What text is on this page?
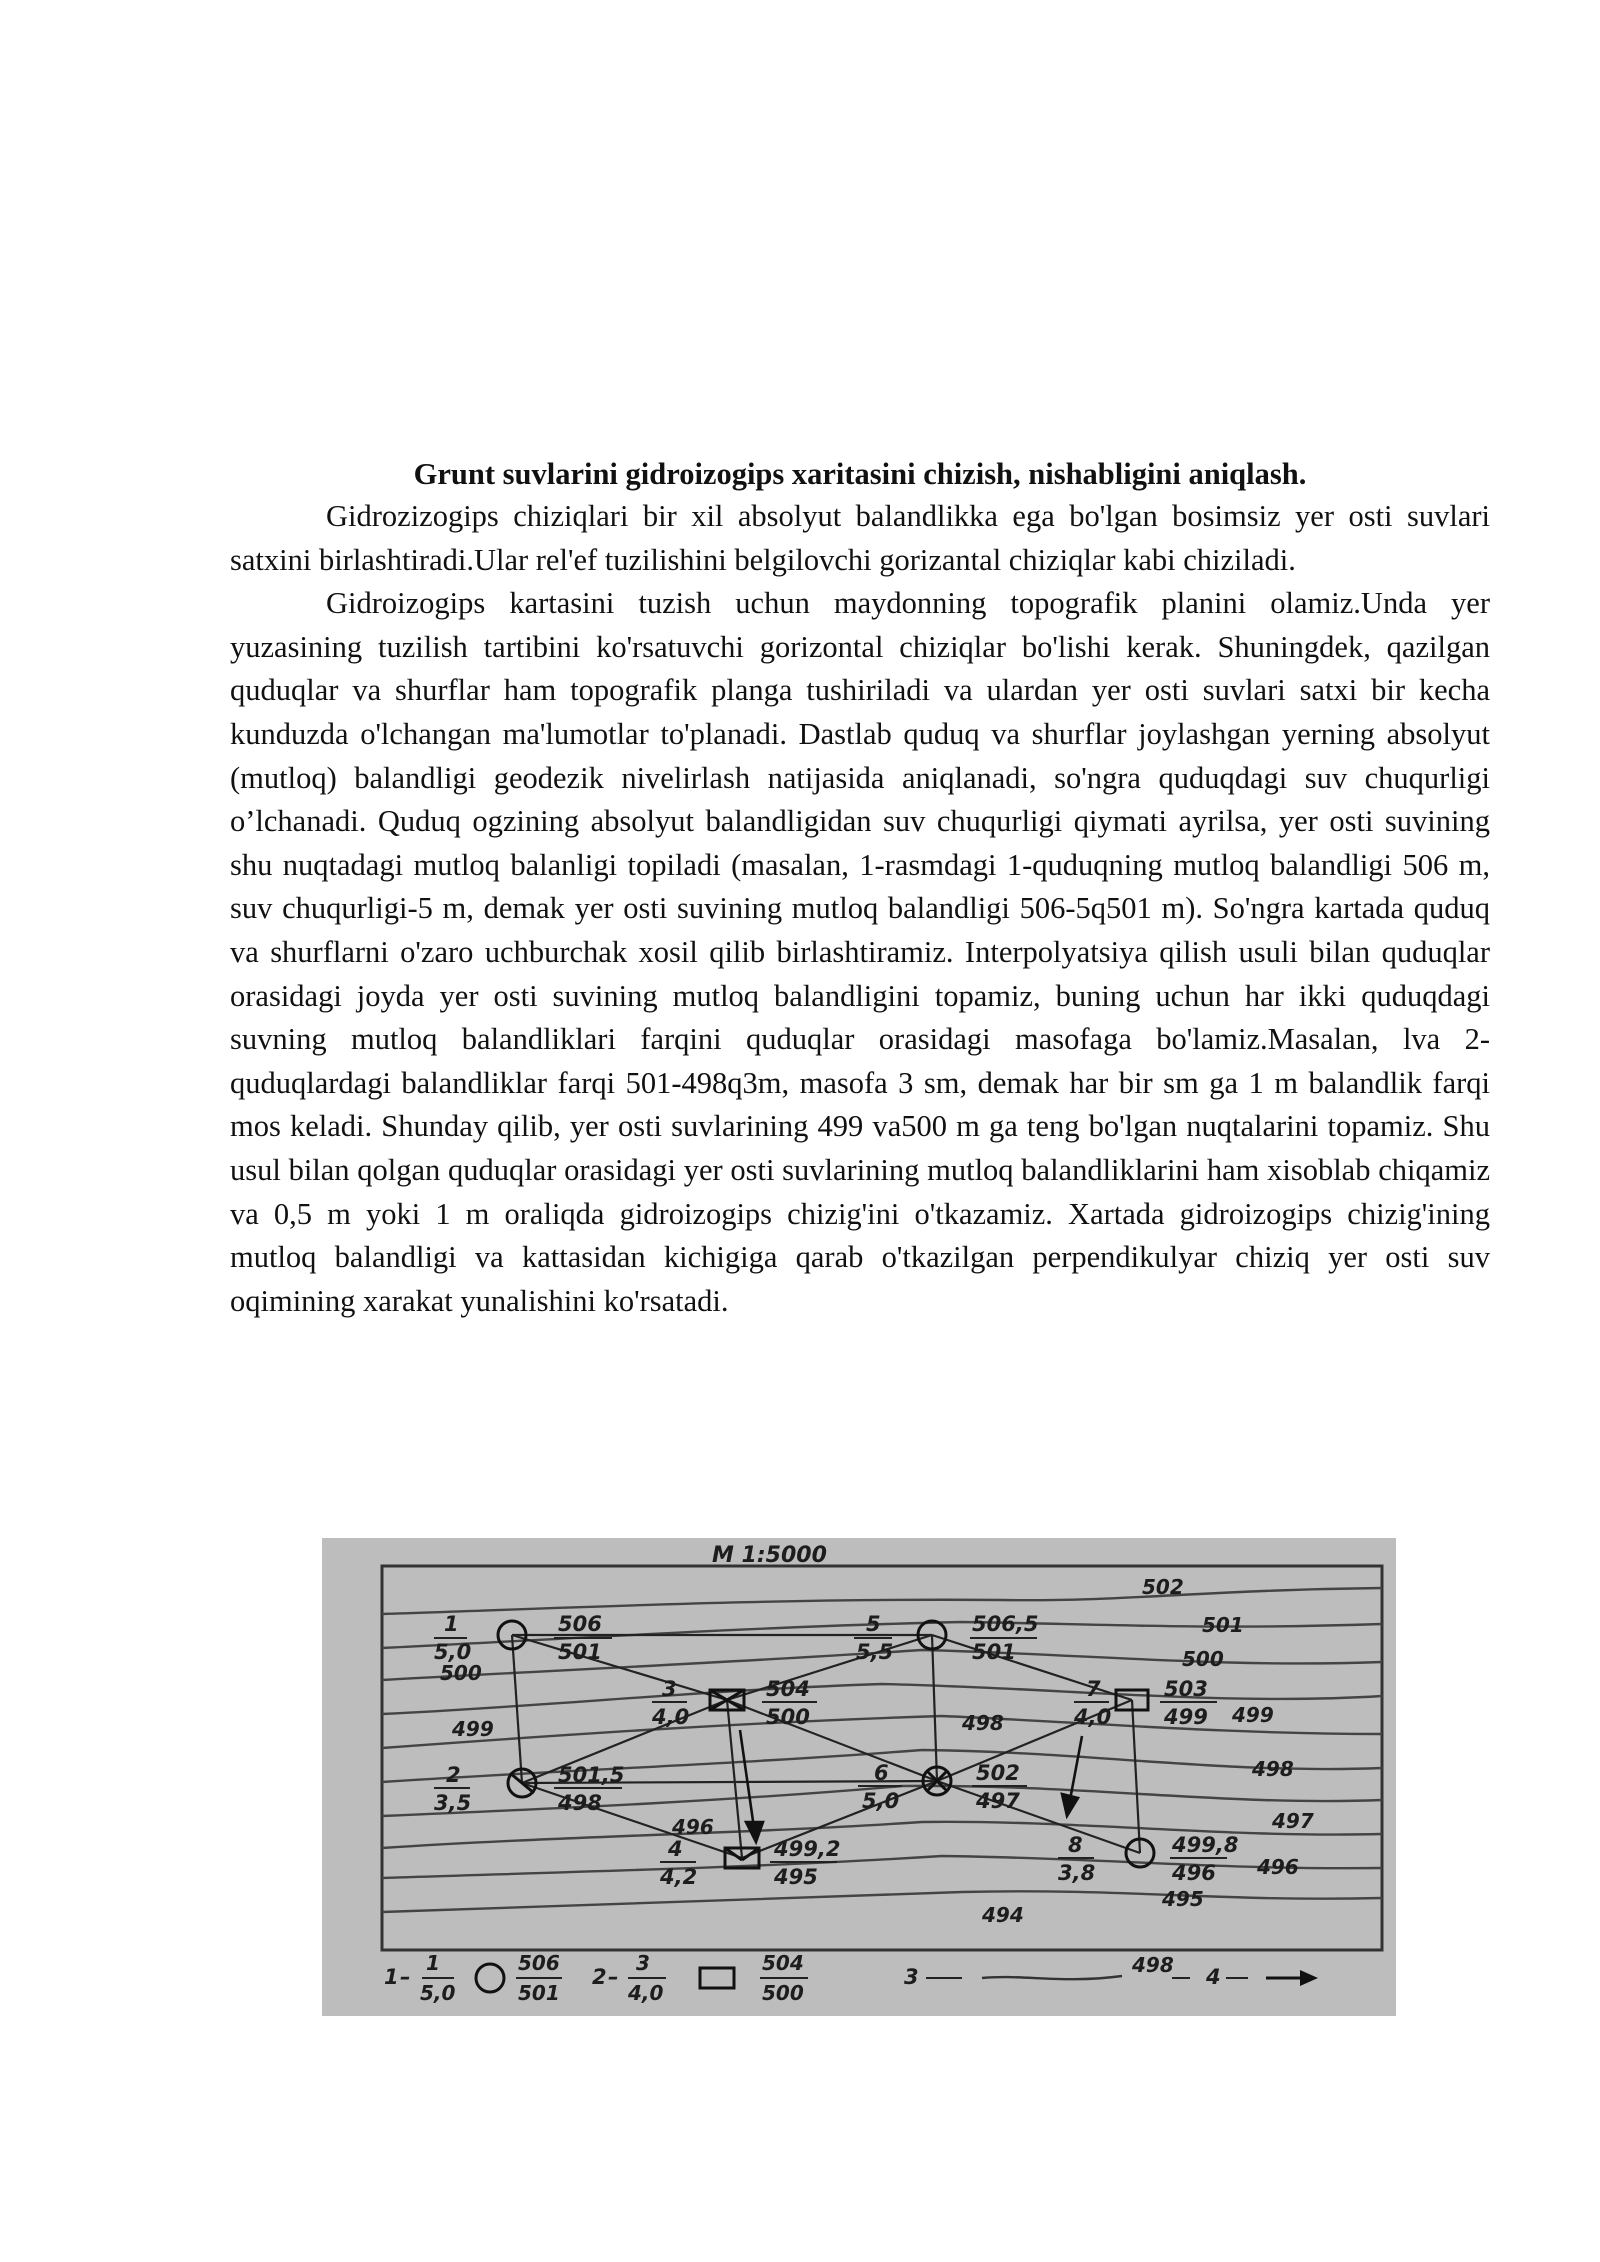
Grunt suvlarini gidroizogips xaritasini chizish, nishabligini aniqlash.

Gidrozizogips chiziqlari bir xil absolyut balandlikka ega bo'lgan bosimsiz yer osti suvlari satxini birlashtiradi.Ular rel'ef tuzilishini belgilovchi gorizantal chiziqlar kabi chiziladi.

Gidroizogips kartasini tuzish uchun maydonning topografik planini olamiz.Unda yer yuzasining tuzilish tartibini ko'rsatuvchi gorizontal chiziqlar bo'lishi kerak. Shuningdek, qazilgan quduqlar va shurflar ham topografik planga tushiriladi va ulardan yer osti suvlari satxi bir kecha kunduzda o'lchangan ma'lumotlar to'planadi. Dastlab quduq va shurflar joylashgan yerning absolyut (mutloq) balandligi geodezik nivelirlash natijasida aniqlanadi, so'ngra quduqdagi suv chuqurligi o’lchanadi. Quduq ogzining absolyut balandligidan suv chuqurligi qiymati ayrilsa, yer osti suvining shu nuqtadagi mutloq balanligi topiladi (masalan, 1-rasmdagi 1-quduqning mutloq balandligi 506 m, suv chuqurligi-5 m, demak yer osti suvining mutloq balandligi 506-5q501 m). So'ngra kartada quduq va shurflarni o'zaro uchburchak xosil qilib birlashtiramiz. Interpolyatsiya qilish usuli bilan quduqlar orasidagi joyda yer osti suvining mutloq balandligini topamiz, buning uchun har ikki quduqdagi suvning mutloq balandliklari farqini quduqlar orasidagi masofaga bo'lamiz.Masalan, lva 2-quduqlardagi balandliklar farqi 501-498q3m, masofa 3 sm, demak har bir sm ga 1 m balandlik farqi mos keladi. Shunday qilib, yer osti suvlarining 499 va500 m ga teng bo'lgan nuqtalarini topamiz. Shu usul bilan qolgan quduqlar orasidagi yer osti suvlarining mutloq balandliklarini ham xisoblab chiqamiz va 0,5 m yoki 1 m oraliqda gidroizogips chizig'ini o'tkazamiz. Xartada gidroizogips chizig'ining mutloq balandligi va kattasidan kichigiga qarab o'tkazilgan perpendikulyar chiziq yer osti suv oqimining xarakat yunalishini ko'rsatadi.

M 1:5000
1
5,0
506
501
5
5,5
506,5
501
3
4,0
504
500
7
4,0
503
499
2
3,5
501,5
498
6
5,0
502
497
4
4,2
499,2
495
8
3,8
499,8
496
502
501
500
500
499
499	498
498
497
496
496
495
494
1 –
1
5,0
506
501
2 –
3
4,0
504
500
3	498 4
